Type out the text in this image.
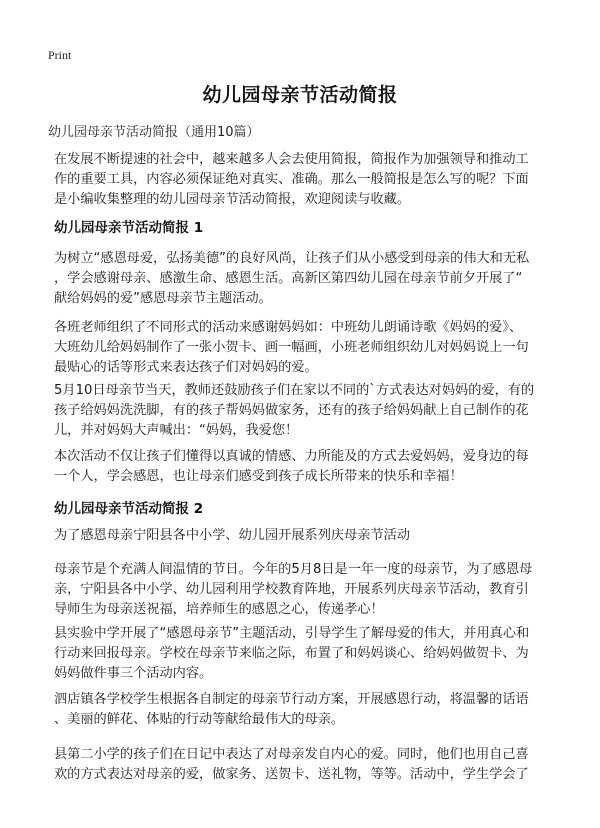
Print
幼儿园母亲节活动简报
幼儿园母亲节活动简报（通用10篇）
在发展不断提速的社会中，越来越多人会去使用简报，简报作为加强领导和推动工
作的重要工具，内容必须保证绝对真实、准确。那么一般简报是怎么写的呢？下面
是小编收集整理的幼儿园母亲节活动简报，欢迎阅读与收藏。
幼儿园母亲节活动简报 1
为树立“感恩母爱，弘扬美德”的良好风尚，让孩子们从小感受到母亲的伟大和无私
，学会感谢母亲、感激生命、感恩生活。高新区第四幼儿园在母亲节前夕开展了“
献给妈妈的爱”感恩母亲节主题活动。
各班老师组织了不同形式的活动来感谢妈妈如：中班幼儿朗诵诗歌《妈妈的爱》、
大班幼儿给妈妈制作了一张小贺卡、画一幅画，小班老师组织幼儿对妈妈说上一句
最贴心的话等形式来表达孩子们对妈妈的爱。
5月10日母亲节当天，教师还鼓励孩子们在家以不同的`方式表达对妈妈的爱，有的
孩子给妈妈洗洗脚，有的孩子帮妈妈做家务，还有的孩子给妈妈献上自己制作的花
儿，并对妈妈大声喊出：“妈妈，我爱您！
本次活动不仅让孩子们懂得以真诚的情感、力所能及的方式去爱妈妈，爱身边的每
一个人，学会感恩，也让母亲们感受到孩子成长所带来的快乐和幸福！
幼儿园母亲节活动简报 2
为了感恩母亲宁阳县各中小学、幼儿园开展系列庆母亲节活动
母亲节是个充满人间温情的节日。今年的5月8日是一年一度的母亲节，为了感恩母
亲，宁阳县各中小学、幼儿园利用学校教育阵地，开展系列庆母亲节活动，教育引
导师生为母亲送祝福，培养师生的感恩之心，传递孝心！
县实验中学开展了“感恩母亲节”主题活动，引导学生了解母爱的伟大，并用真心和
行动来回报母亲。学校在母亲节来临之际，布置了和妈妈谈心、给妈妈做贺卡、为
妈妈做件事三个活动内容。
泗店镇各学校学生根据各自制定的母亲节行动方案，开展感恩行动，将温馨的话语
、美丽的鲜花、体贴的行动等献给最伟大的母亲。
县第二小学的孩子们在日记中表达了对母亲发自内心的爱。同时，他们也用自己喜
欢的方式表达对母亲的爱，做家务、送贺卡、送礼物，等等。活动中，学生学会了
